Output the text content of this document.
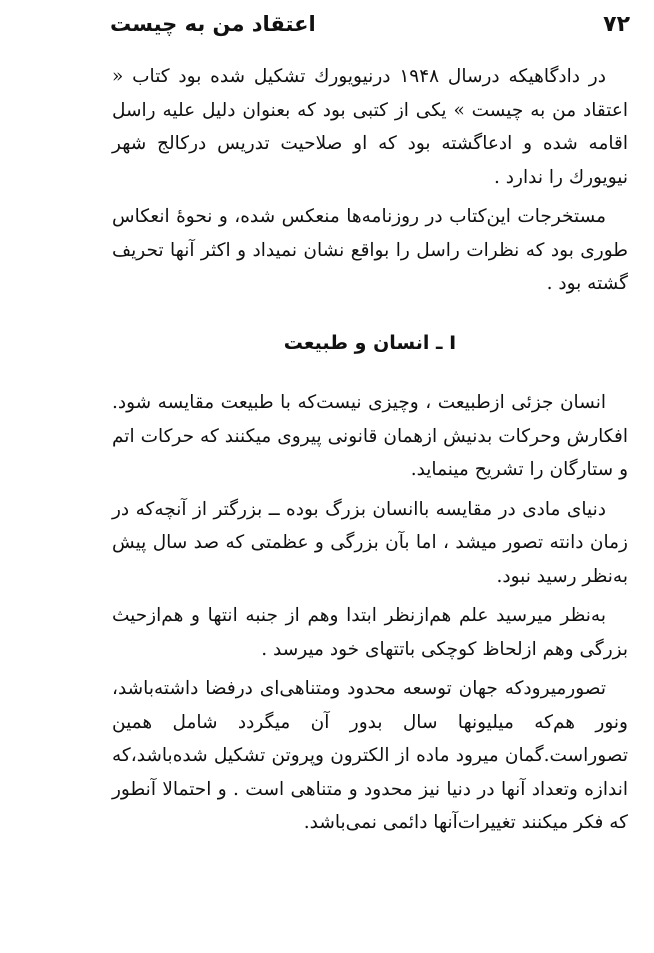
۷۲
اعتقاد من به چیست

در دادگاهیکه درسال ۱۹۴۸ درنیویورك تشکیل شده بود کتاب « اعتقاد من به چیست » یکی از کتبی بود که بعنوان دلیل علیه راسل اقامه شده و ادعاگشته بود که او صلاحیت تدریس درکالج شهر نیویورك را ندارد .

مستخرجات این‌کتاب در روزنامه‌ها منعکس شده، و نحوهٔ انعکاس طوری بود که نظرات راسل را بواقع نشان نمیداد و اکثر آنها تحریف گشته بود .

I ـ انسان و طبیعت

انسان جزئی ازطبیعت ، وچیزی نیست‌که با طبیعت مقایسه شود. افکارش وحرکات بدنیش ازهمان قانونی پیروی میکنند که حرکات اتم و ستارگان را تشریح مینماید.

دنیای مادی در مقایسه باانسان بزرگ بوده ــ بزرگتر از آنچه‌که در زمان دانته تصور میشد ، اما بآن بزرگی و عظمتی که صد سال پیش به‌نظر رسید نبود.

به‌نظر میرسید علم هم‌ازنظر ابتدا وهم از جنبه انتها و هم‌ازحیث بزرگی وهم ازلحاظ کوچکی باتتهای خود میرسد .

تصورمیرودکه جهان توسعه محدود ومتناهی‌ای درفضا داشته‌باشد، ونور هم‌که میلیونها سال بدور آن میگردد شامل همین تصوراست.گمان میرود ماده از الکترون وپروتن تشکیل شده‌باشد،که اندازه وتعداد آنها در دنیا نیز محدود و متناهی است . و احتمالا آنطور که فکر میکنند تغییرات‌آنها دائمی نمی‌باشد.
